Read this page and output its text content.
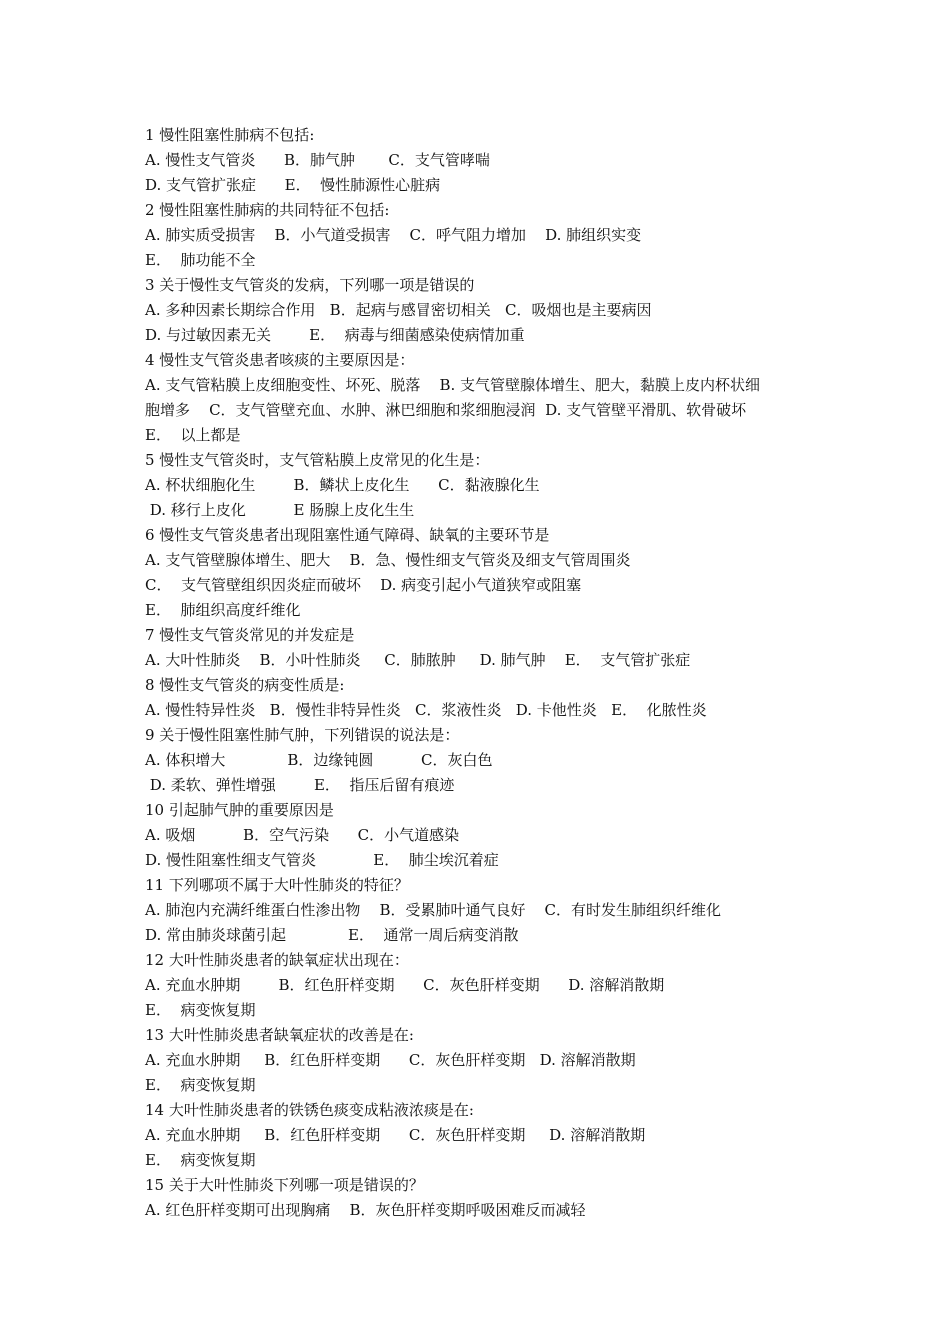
1 慢性阻塞性肺病不包括:
A. 慢性支气管炎      B．肺气肿       C．支气管哮喘
D. 支气管扩张症      E．  慢性肺源性心脏病
2 慢性阻塞性肺病的共同特征不包括:
A. 肺实质受损害    B．小气道受损害    C．呼气阻力增加    D. 肺组织实变
E．  肺功能不全
3 关于慢性支气管炎的发病，下列哪一项是错误的
A. 多种因素长期综合作用   B．起病与感冒密切相关   C．吸烟也是主要病因
D. 与过敏因素无关        E．  病毒与细菌感染使病情加重
4 慢性支气管炎患者咳痰的主要原因是：
A. 支气管粘膜上皮细胞变性、坏死、脱落    B. 支气管壁腺体增生、肥大，黏膜上皮内杯状细
胞增多    C．支气管壁充血、水肿、淋巴细胞和浆细胞浸润  D. 支气管壁平滑肌、软骨破坏
E．  以上都是
5 慢性支气管炎时，支气管粘膜上皮常见的化生是：
A. 杯状细胞化生        B．鳞状上皮化生      C．黏液腺化生
D. 移行上皮化          E 肠腺上皮化生生
6 慢性支气管炎患者出现阻塞性通气障碍、缺氧的主要环节是
A. 支气管壁腺体增生、肥大    B．急、慢性细支气管炎及细支气管周围炎
C．  支气管壁组织因炎症而破坏    D. 病变引起小气道狭窄或阻塞
E．  肺组织高度纤维化
7 慢性支气管炎常见的并发症是
A. 大叶性肺炎    B．小叶性肺炎     C．肺脓肿     D. 肺气肿    E．  支气管扩张症
8 慢性支气管炎的病变性质是:
A. 慢性特异性炎   B．慢性非特异性炎   C．浆液性炎   D. 卡他性炎   E．  化脓性炎
9 关于慢性阻塞性肺气肿，下列错误的说法是：
A. 体积增大             B．边缘钝圆          C．灰白色
D. 柔软、弹性增强        E．  指压后留有痕迹
10 引起肺气肿的重要原因是
A. 吸烟          B．空气污染      C．小气道感染
D. 慢性阻塞性细支气管炎            E．  肺尘埃沉着症
11 下列哪项不属于大叶性肺炎的特征？
A. 肺泡内充满纤维蛋白性渗出物    B．受累肺叶通气良好    C．有时发生肺组织纤维化
D. 常由肺炎球菌引起             E．  通常一周后病变消散
12 大叶性肺炎患者的缺氧症状出现在：
A. 充血水肿期        B．红色肝样变期      C．灰色肝样变期      D. 溶解消散期
E．  病变恢复期
13 大叶性肺炎患者缺氧症状的改善是在:
A. 充血水肿期     B．红色肝样变期      C．灰色肝样变期   D. 溶解消散期
E．  病变恢复期
14 大叶性肺炎患者的铁锈色痰变成粘液浓痰是在:
A. 充血水肿期     B．红色肝样变期      C．灰色肝样变期     D. 溶解消散期
E．  病变恢复期
15 关于大叶性肺炎下列哪一项是错误的？
A. 红色肝样变期可出现胸痛    B．灰色肝样变期呼吸困难反而减轻
